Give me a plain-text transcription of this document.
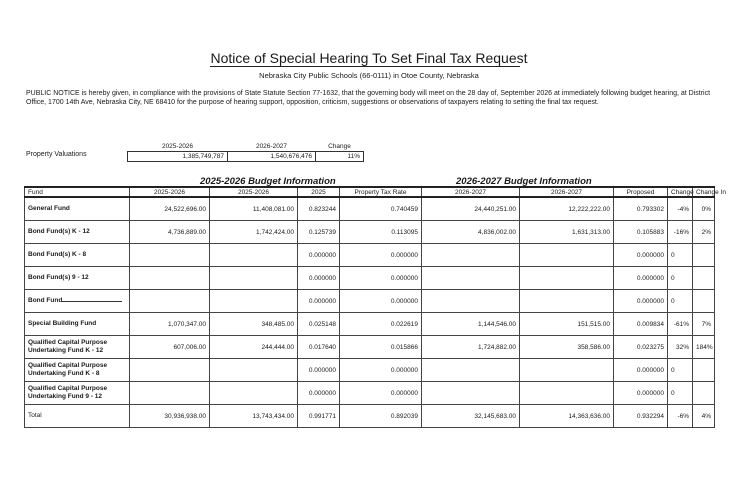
Notice of Special Hearing To Set Final Tax Request
Nebraska City Public Schools (66-0111) in Otoe County, Nebraska
PUBLIC NOTICE is hereby given, in compliance with the provisions of State Statute Section 77-1632, that the governing body will meet on the 28 day of, September 2026 at immediately following budget hearing, at District Office, 1700 14th Ave, Nebraska City, NE 68410 for the purpose of hearing support, opposition, criticism, suggestions or observations of taxpayers relating to setting the final tax request.
Property Valuations
2025-2026	2026-2027	Change
1,385,749,787	1,540,676,476	11%
2025-2026 Budget Information	2026-2027 Budget Information
Fund	2025-2026	2025-2026	2025	Property Tax Rate	2026-2027	2026-2027	Proposed	Change	Change In
General Fund	24,522,696.00	11,408,081.00	0.823244	0.740459	24,440,251.00	12,222,222.00	0.793302	-4%	0%
Bond Fund(s) K - 12	4,736,889.00	1,742,424.00	0.125739	0.113095	4,836,002.00	1,631,313.00	0.105883	-16%	2%
Bond Fund(s) K - 8			0.000000	0.000000			0.000000	0	
Bond Fund(s) 9 - 12			0.000000	0.000000			0.000000	0	
Bond Fund			0.000000	0.000000			0.000000	0	
Special Building Fund	1,070,347.00	348,485.00	0.025148	0.022619	1,144,546.00	151,515.00	0.009834	-61%	7%
Qualified Capital Purpose Undertaking Fund K - 12	607,006.00	244,444.00	0.017640	0.015866	1,724,882.00	358,586.00	0.023275	32%	184%
Qualified Capital Purpose Undertaking Fund K - 8			0.000000	0.000000			0.000000	0	
Qualified Capital Purpose Undertaking Fund 9 - 12			0.000000	0.000000			0.000000	0	
Total	30,936,938.00	13,743,434.00	0.991771	0.892039	32,145,683.00	14,363,636.00	0.932294	-6%	4%
